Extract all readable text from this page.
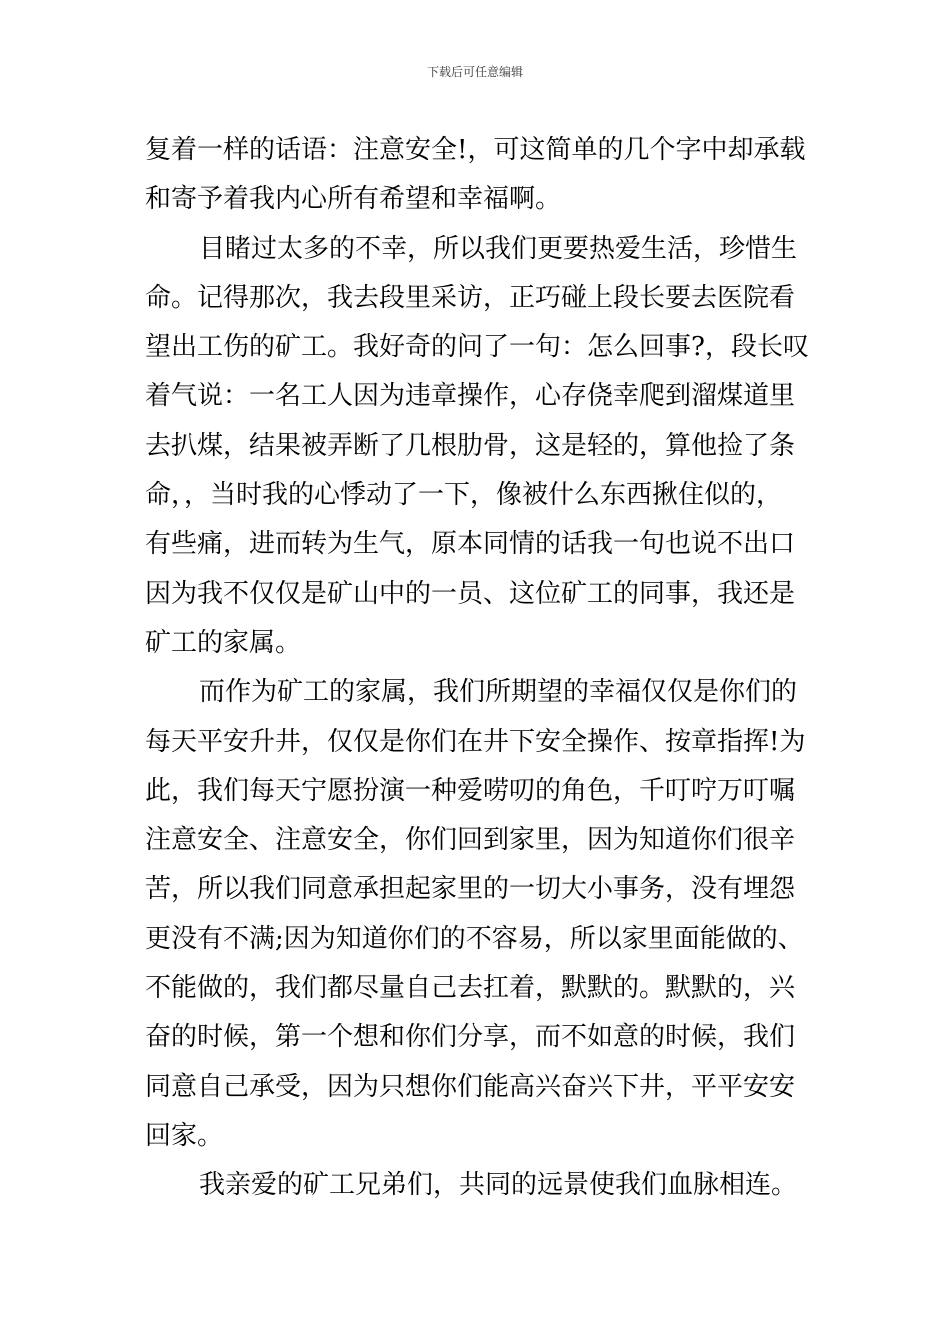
下载后可任意编辑
复着一样的话语：注意安全!，可这简单的几个字中却承载
和寄予着我内心所有希望和幸福啊。
目睹过太多的不幸，所以我们更要热爱生活，珍惜生
命。记得那次，我去段里采访，正巧碰上段长要去医院看
望出工伤的矿工。我好奇的问了一句：怎么回事?，段长叹
着气说：一名工人因为违章操作，心存侥幸爬到溜煤道里
去扒煤，结果被弄断了几根肋骨，这是轻的，算他捡了条
命，，当时我的心悸动了一下，像被什么东西揪住似的，
有些痛，进而转为生气，原本同情的话我一句也说不出口
因为我不仅仅是矿山中的一员、这位矿工的同事，我还是
矿工的家属。
而作为矿工的家属，我们所期望的幸福仅仅是你们的
每天平安升井，仅仅是你们在井下安全操作、按章指挥!为
此，我们每天宁愿扮演一种爱唠叨的角色，千叮咛万叮嘱
注意安全、注意安全，你们回到家里，因为知道你们很辛
苦，所以我们同意承担起家里的一切大小事务，没有埋怨
更没有不满;因为知道你们的不容易，所以家里面能做的、
不能做的，我们都尽量自己去扛着，默默的。默默的，兴
奋的时候，第一个想和你们分享，而不如意的时候，我们
同意自己承受，因为只想你们能高兴奋兴下井，平平安安
回家。
我亲爱的矿工兄弟们，共同的远景使我们血脉相连。
